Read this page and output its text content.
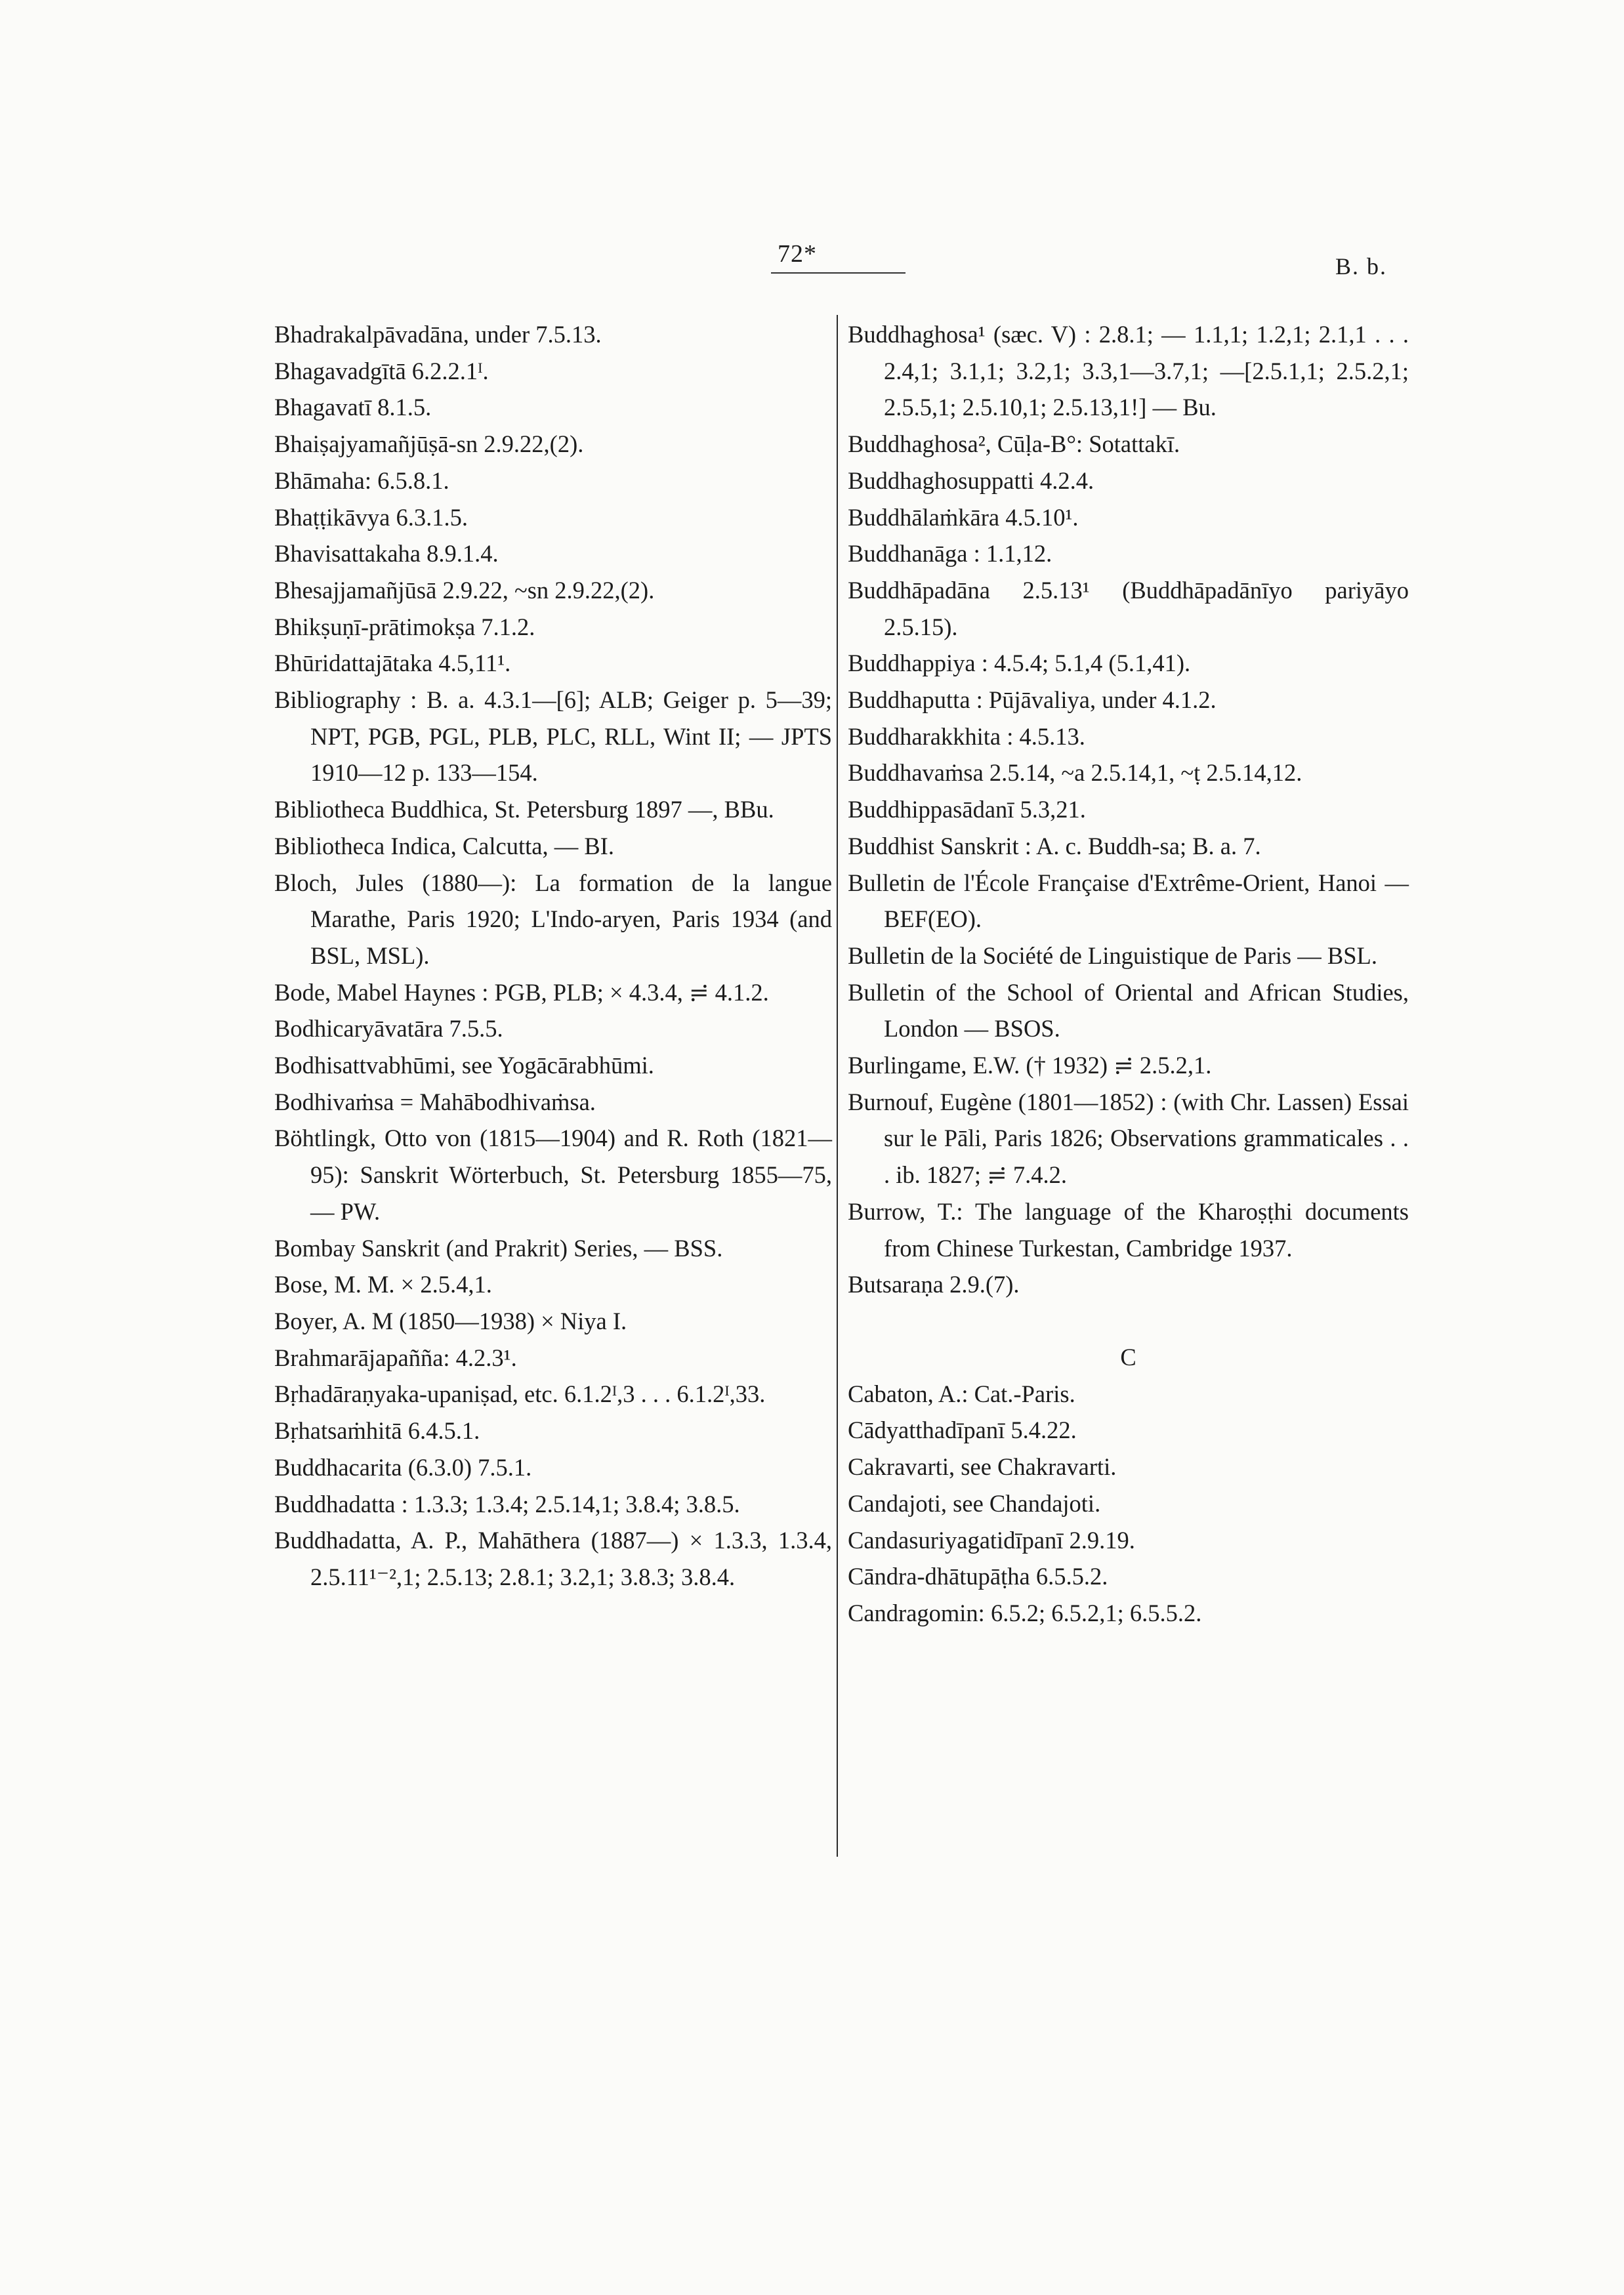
72*	B. b.
Bhadrakalpāvadāna, under 7.5.13.
Bhagavadgītā 6.2.2.1ᴵ.
Bhagavatī 8.1.5.
Bhaiṣajyamañjūṣā-sn 2.9.22,(2).
Bhāmaha: 6.5.8.1.
Bhaṭṭikāvya 6.3.1.5.
Bhavisattakaha 8.9.1.4.
Bhesajjamañjūsā 2.9.22, ~sn 2.9.22,(2).
Bhikṣuṇī-prātimokṣa 7.1.2.
Bhūridattajātaka 4.5,11¹.
Bibliography : B. a. 4.3.1—[6]; ALB; Geiger p. 5—39; NPT, PGB, PGL, PLB, PLC, RLL, Wint II; — JPTS 1910—12 p. 133—154.
Bibliotheca Buddhica, St. Petersburg 1897 —, BBu.
Bibliotheca Indica, Calcutta, — BI.
Bloch, Jules (1880—): La formation de la langue Marathe, Paris 1920; L'Indo-aryen, Paris 1934 (and BSL, MSL).
Bode, Mabel Haynes : PGB, PLB; × 4.3.4, ≓ 4.1.2.
Bodhicaryāvatāra 7.5.5.
Bodhisattvabhūmi, see Yogācārabhūmi.
Bodhivaṁsa = Mahābodhivaṁsa.
Böhtlingk, Otto von (1815—1904) and R. Roth (1821—95): Sanskrit Wörterbuch, St. Petersburg 1855—75, — PW.
Bombay Sanskrit (and Prakrit) Series, — BSS.
Bose, M. M. × 2.5.4,1.
Boyer, A. M (1850—1938) × Niya I.
Brahmarājapañña: 4.2.3¹.
Bṛhadāraṇyaka-upaniṣad, etc. 6.1.2ᴵ,3 . . . 6.1.2ᴵ,33.
Bṛhatsaṁhitā 6.4.5.1.
Buddhacarita (6.3.0) 7.5.1.
Buddhadatta : 1.3.3; 1.3.4; 2.5.14,1; 3.8.4; 3.8.5.
Buddhadatta, A. P., Mahāthera (1887—) × 1.3.3, 1.3.4, 2.5.11¹⁻²,1; 2.5.13; 2.8.1; 3.2,1; 3.8.3; 3.8.4.
Buddhaghosa¹ (sæc. V) : 2.8.1; — 1.1,1; 1.2,1; 2.1,1 . . . 2.4,1; 3.1,1; 3.2,1; 3.3,1—3.7,1; —[2.5.1,1; 2.5.2,1; 2.5.5,1; 2.5.10,1; 2.5.13,1!] — Bu.
Buddhaghosa², Cūḷa-B°: Sotattakī.
Buddhaghosuppatti 4.2.4.
Buddhālaṁkāra 4.5.10¹.
Buddhanāga : 1.1,12.
Buddhāpadāna 2.5.13¹ (Buddhāpadānīyo pariyāyo 2.5.15).
Buddhappiya : 4.5.4; 5.1,4 (5.1,41).
Buddhaputta : Pūjāvaliya, under 4.1.2.
Buddharakkhita : 4.5.13.
Buddhavaṁsa 2.5.14, ~a 2.5.14,1, ~ṭ 2.5.14,12.
Buddhippasādanī 5.3,21.
Buddhist Sanskrit : A. c. Buddh-sa; B. a. 7.
Bulletin de l'École Française d'Extrême-Orient, Hanoi — BEF(EO).
Bulletin de la Société de Linguistique de Paris — BSL.
Bulletin of the School of Oriental and African Studies, London — BSOS.
Burlingame, E.W. († 1932) ≓ 2.5.2,1.
Burnouf, Eugène (1801—1852) : (with Chr. Lassen) Essai sur le Pāli, Paris 1826; Observations grammaticales . . . ib. 1827; ≓ 7.4.2.
Burrow, T.: The language of the Kharoṣṭhi documents from Chinese Turkestan, Cambridge 1937.
Butsaraṇa 2.9.(7).
C
Cabaton, A.: Cat.-Paris.
Cādyatthadīpanī 5.4.22.
Cakravarti, see Chakravarti.
Candajoti, see Chandajoti.
Candasuriyagatidīpanī 2.9.19.
Cāndra-dhātupāṭha 6.5.5.2.
Candragomin: 6.5.2; 6.5.2,1; 6.5.5.2.
